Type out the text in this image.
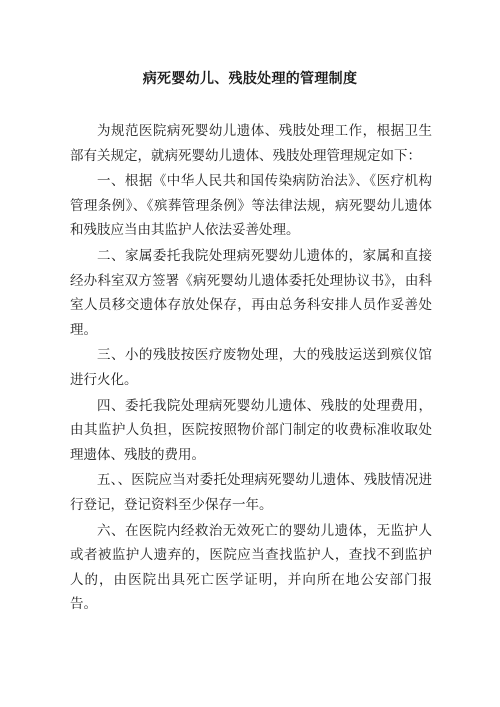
病死婴幼儿、残肢处理的管理制度

为规范医院病死婴幼儿遗体、残肢处理工作，根据卫生部有关规定，就病死婴幼儿遗体、残肢处理管理规定如下：

一、根据《中华人民共和国传染病防治法》、《医疗机构管理条例》、《殡葬管理条例》等法律法规，病死婴幼儿遗体和残肢应当由其监护人依法妥善处理。

二、家属委托我院处理病死婴幼儿遗体的，家属和直接经办科室双方签署《病死婴幼儿遗体委托处理协议书》，由科室人员移交遗体存放处保存，再由总务科安排人员作妥善处理。

三、小的残肢按医疗废物处理，大的残肢运送到殡仪馆进行火化。

四、委托我院处理病死婴幼儿遗体、残肢的处理费用，由其监护人负担，医院按照物价部门制定的收费标准收取处理遗体、残肢的费用。

五、、医院应当对委托处理病死婴幼儿遗体、残肢情况进行登记，登记资料至少保存一年。

六、在医院内经救治无效死亡的婴幼儿遗体，无监护人或者被监护人遗弃的，医院应当查找监护人，查找不到监护人的，由医院出具死亡医学证明，并向所在地公安部门报告。
